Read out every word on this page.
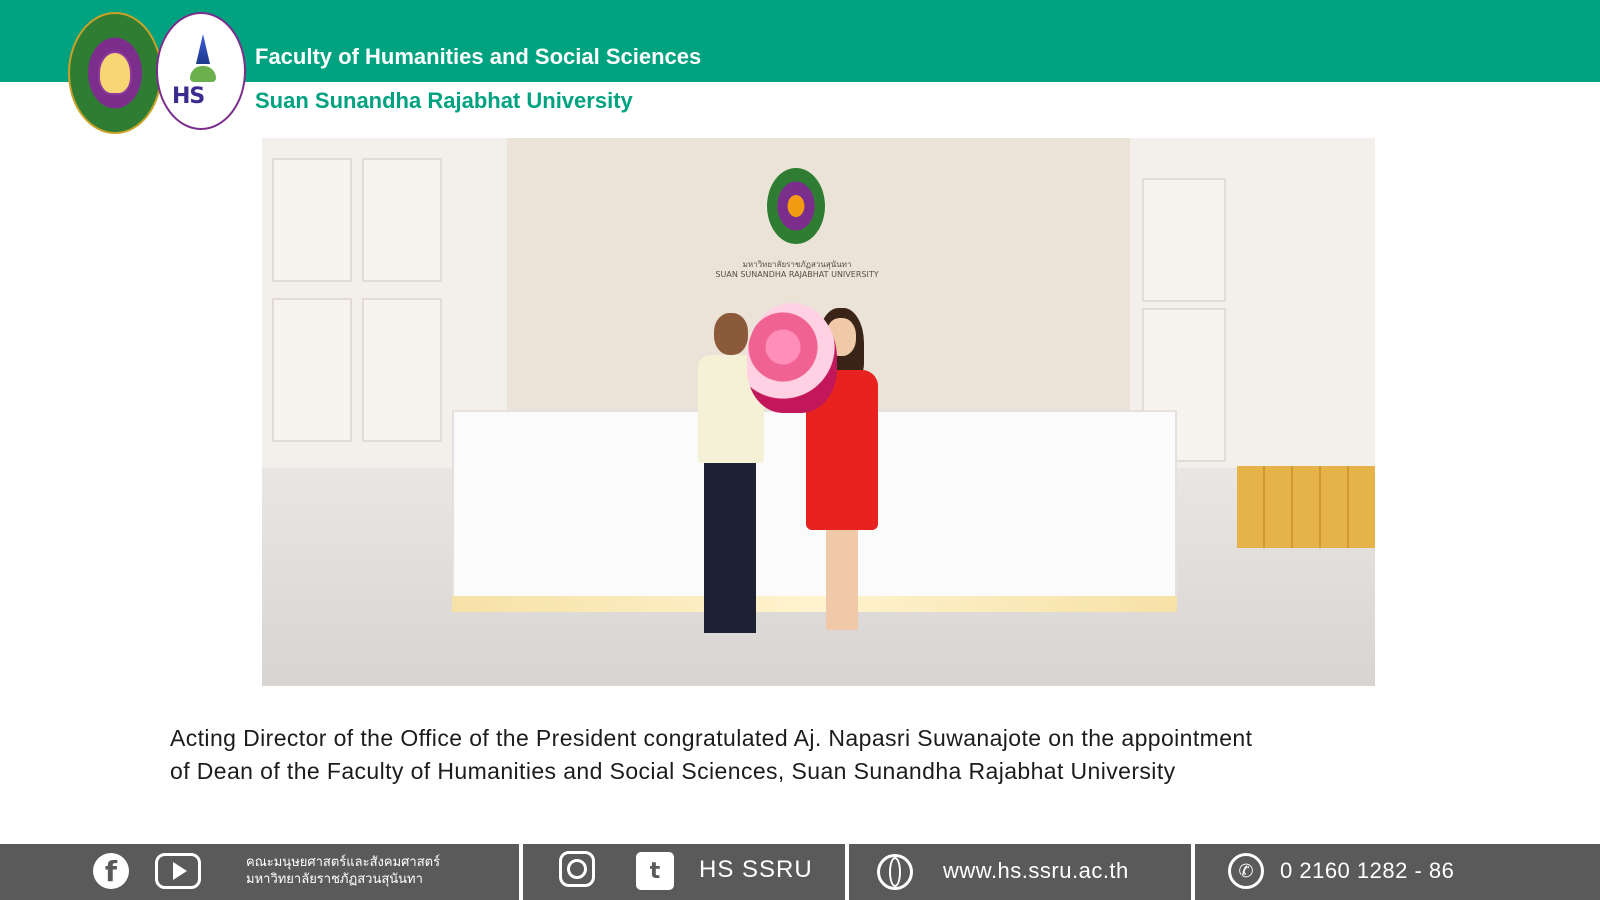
HS
Faculty of Humanities and Social Sciences
Suan Sunandha Rajabhat University
มหาวิทยาลัยราชภัฏสวนสุนันทา
SUAN SUNANDHA RAJABHAT UNIVERSITY
Acting Director of the Office of the President congratulated Aj. Napasri Suwanajote on the appointment
of Dean of the Faculty of Humanities and Social Sciences, Suan Sunandha Rajabhat University
f	คณะมนุษยศาสตร์และสังคมศาสตร์
มหาวิทยาลัยราชภัฏสวนสุนันทา	t	HS SSRU	www.hs.ssru.ac.th	✆	0 2160 1282 - 86
